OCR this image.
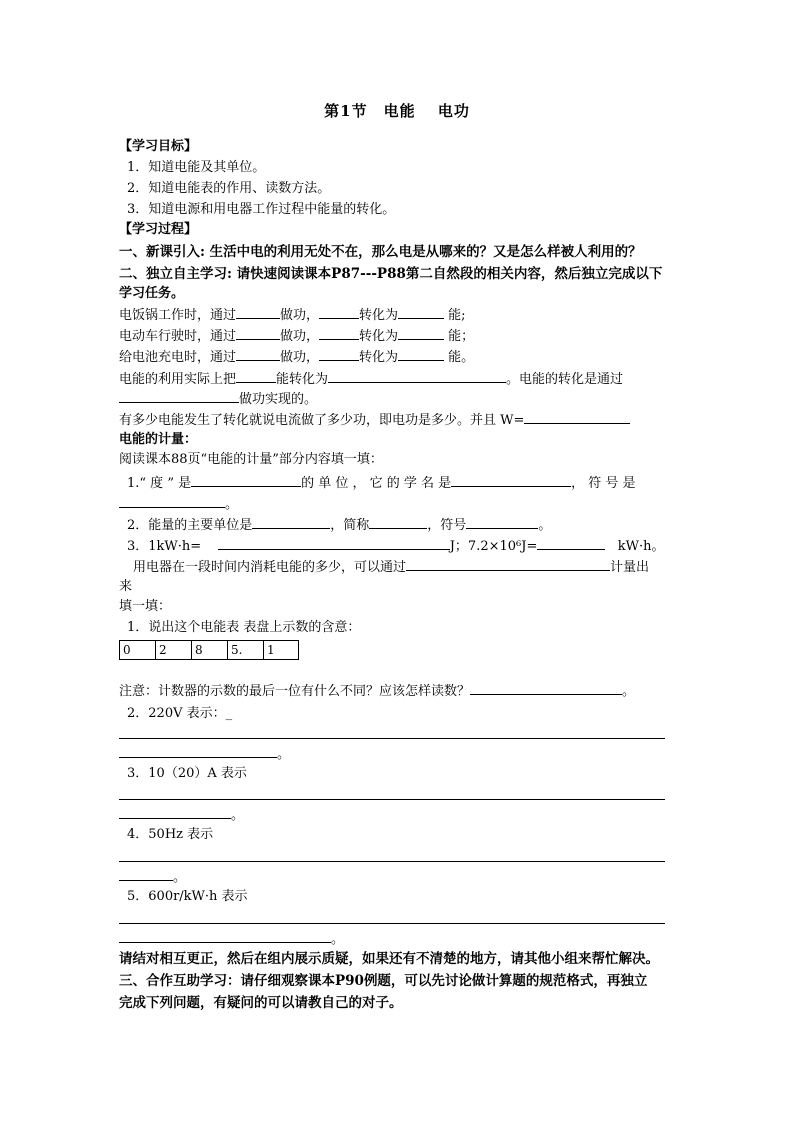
第1节　电能　 电功
【学习目标】
1．知道电能及其单位。
2．知道电能表的作用、读数方法。
3．知道电源和用电器工作过程中能量的转化。
【学习过程】
一、新课引入: 生活中电的利用无处不在，那么电是从哪来的？又是怎么样被人利用的？
二、独立自主学习: 请快速阅读课本P87---P88第二自然段的相关内容，然后独立完成以下
学习任务。
电饭锅工作时，通过	做功，	转化为	能;
电动车行驶时，通过	做功，	转化为	能；
给电池充电时，通过	做功，	转化为	能。
电能的利用实际上把	能转化为	。电能的转化是通过
做功实现的。
有多少电能发生了转化就说电流做了多少功，即电功是多少。并且 W=
电能的计量：
阅读课本88页“电能的计量”部分内容填一填：
1.“ 度 ” 是	的 单 位 ， 它 的 学 名 是	， 符 号 是
。
2．能量的主要单位是	，简称	，符号	。
3．1kW·h=	J；7.2×10⁶J=	kW·h。
用电器在一段时间内消耗电能的多少，可以通过	计量出
来
填一填：
1．说出这个电能表 表盘上示数的含意：
0	2	8	5.	1
注意：计数器的示数的最后一位有什么不同？应该怎样读数？	。
2．220V 表示：_
。
3．10（20）A 表示
。
4．50Hz 表示
。
5．600r/kW·h 表示
。
请结对相互更正，然后在组内展示质疑，如果还有不清楚的地方，请其他小组来帮忙解决。
三、合作互助学习：请仔细观察课本P90例题，可以先讨论做计算题的规范格式，再独立
完成下列问题，有疑问的可以请教自己的对子。
